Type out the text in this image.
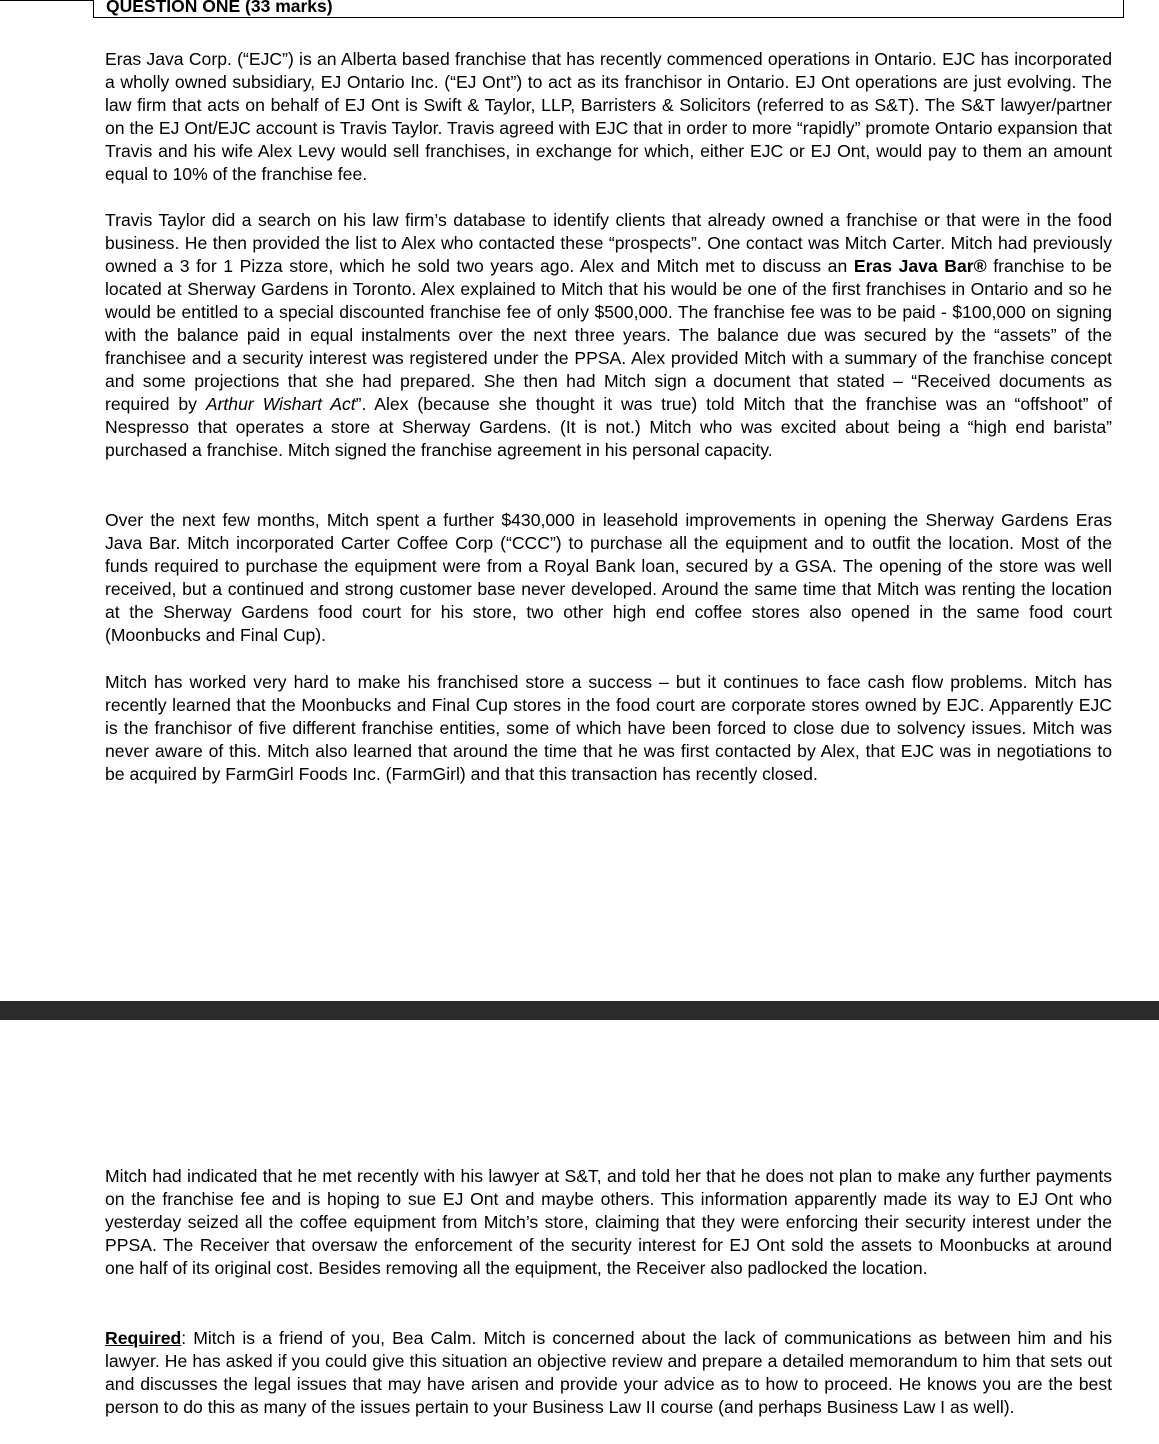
QUESTION ONE (33 marks)

Eras Java Corp. (“EJC”) is an Alberta based franchise that has recently commenced operations in Ontario. EJC has incorporated a wholly owned subsidiary, EJ Ontario Inc. (“EJ Ont”) to act as its franchisor in Ontario. EJ Ont operations are just evolving. The law firm that acts on behalf of EJ Ont is Swift & Taylor, LLP, Barristers & Solicitors (referred to as S&T). The S&T lawyer/partner on the EJ Ont/EJC account is Travis Taylor. Travis agreed with EJC that in order to more “rapidly” promote Ontario expansion that Travis and his wife Alex Levy would sell franchises, in exchange for which, either EJC or EJ Ont, would pay to them an amount equal to 10% of the franchise fee.

Travis Taylor did a search on his law firm’s database to identify clients that already owned a franchise or that were in the food business. He then provided the list to Alex who contacted these “prospects”. One contact was Mitch Carter. Mitch had previously owned a 3 for 1 Pizza store, which he sold two years ago. Alex and Mitch met to discuss an Eras Java Bar® franchise to be located at Sherway Gardens in Toronto. Alex explained to Mitch that his would be one of the first franchises in Ontario and so he would be entitled to a special discounted franchise fee of only $500,000. The franchise fee was to be paid - $100,000 on signing with the balance paid in equal instalments over the next three years. The balance due was secured by the “assets” of the franchisee and a security interest was registered under the PPSA. Alex provided Mitch with a summary of the franchise concept and some projections that she had prepared. She then had Mitch sign a document that stated – “Received documents as required by Arthur Wishart Act”. Alex (because she thought it was true) told Mitch that the franchise was an “offshoot” of Nespresso that operates a store at Sherway Gardens. (It is not.) Mitch who was excited about being a “high end barista” purchased a franchise. Mitch signed the franchise agreement in his personal capacity.

Over the next few months, Mitch spent a further $430,000 in leasehold improvements in opening the Sherway Gardens Eras Java Bar. Mitch incorporated Carter Coffee Corp (“CCC”) to purchase all the equipment and to outfit the location. Most of the funds required to purchase the equipment were from a Royal Bank loan, secured by a GSA. The opening of the store was well received, but a continued and strong customer base never developed. Around the same time that Mitch was renting the location at the Sherway Gardens food court for his store, two other high end coffee stores also opened in the same food court (Moonbucks and Final Cup).

Mitch has worked very hard to make his franchised store a success – but it continues to face cash flow problems. Mitch has recently learned that the Moonbucks and Final Cup stores in the food court are corporate stores owned by EJC. Apparently EJC is the franchisor of five different franchise entities, some of which have been forced to close due to solvency issues. Mitch was never aware of this. Mitch also learned that around the time that he was first contacted by Alex, that EJC was in negotiations to be acquired by FarmGirl Foods Inc. (FarmGirl) and that this transaction has recently closed.

Mitch had indicated that he met recently with his lawyer at S&T, and told her that he does not plan to make any further payments on the franchise fee and is hoping to sue EJ Ont and maybe others. This information apparently made its way to EJ Ont who yesterday seized all the coffee equipment from Mitch’s store, claiming that they were enforcing their security interest under the PPSA. The Receiver that oversaw the enforcement of the security interest for EJ Ont sold the assets to Moonbucks at around one half of its original cost. Besides removing all the equipment, the Receiver also padlocked the location.

Required: Mitch is a friend of you, Bea Calm. Mitch is concerned about the lack of communications as between him and his lawyer. He has asked if you could give this situation an objective review and prepare a detailed memorandum to him that sets out and discusses the legal issues that may have arisen and provide your advice as to how to proceed. He knows you are the best person to do this as many of the issues pertain to your Business Law II course (and perhaps Business Law I as well).
